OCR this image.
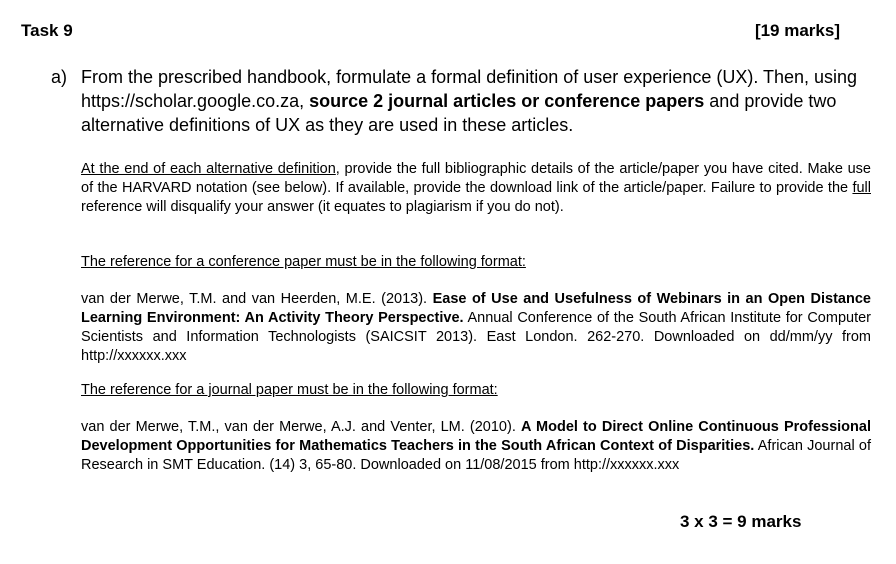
Task 9	[19 marks]
a) From the prescribed handbook, formulate a formal definition of user experience (UX). Then, using https://scholar.google.co.za, source 2 journal articles or conference papers and provide two alternative definitions of UX as they are used in these articles.
At the end of each alternative definition, provide the full bibliographic details of the article/paper you have cited. Make use of the HARVARD notation (see below). If available, provide the download link of the article/paper. Failure to provide the full reference will disqualify your answer (it equates to plagiarism if you do not).
The reference for a conference paper must be in the following format:
van der Merwe, T.M. and van Heerden, M.E. (2013). Ease of Use and Usefulness of Webinars in an Open Distance Learning Environment: An Activity Theory Perspective. Annual Conference of the South African Institute for Computer Scientists and Information Technologists (SAICSIT 2013). East London. 262-270. Downloaded on dd/mm/yy from http://xxxxxx.xxx
The reference for a journal paper must be in the following format:
van der Merwe, T.M., van der Merwe, A.J. and Venter, LM. (2010). A Model to Direct Online Continuous Professional Development Opportunities for Mathematics Teachers in the South African Context of Disparities. African Journal of Research in SMT Education. (14) 3, 65-80. Downloaded on 11/08/2015 from http://xxxxxx.xxx
3 x 3 = 9 marks
